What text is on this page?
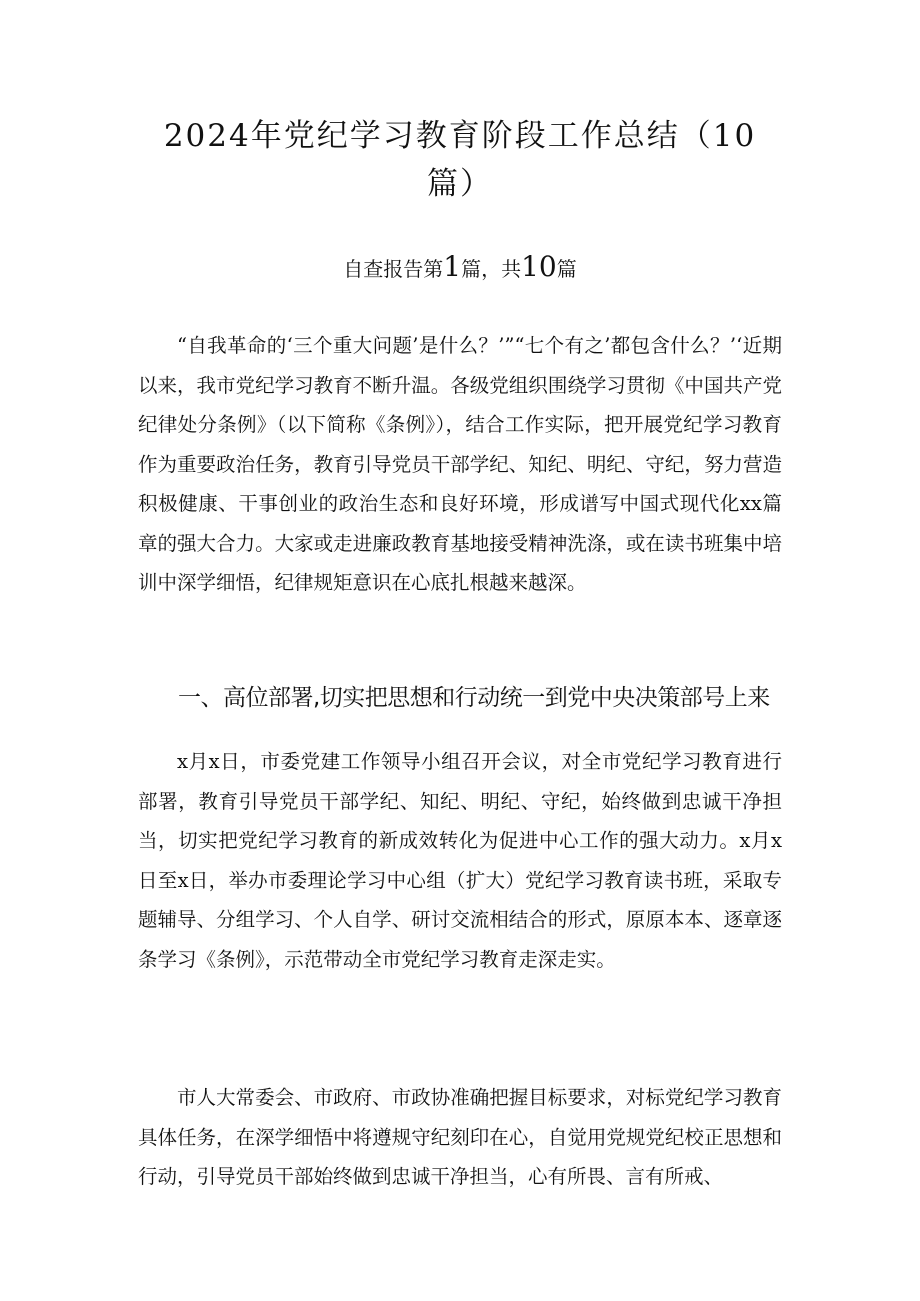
2024年党纪学习教育阶段工作总结（10篇）

自查报告第1篇，共10篇

“自我革命的‘三个重大问题’是什么？’”“七个有之’都包含什么？’‘近期以来，我市党纪学习教育不断升温。各级党组织围绕学习贯彻《中国共产党纪律处分条例》（以下简称《条例》），结合工作实际，把开展党纪学习教育作为重要政治任务，教育引导党员干部学纪、知纪、明纪、守纪，努力营造积极健康、干事创业的政治生态和良好环境，形成谱写中国式现代化xx篇章的强大合力。大家或走进廉政教育基地接受精神洗涤，或在读书班集中培训中深学细悟，纪律规矩意识在心底扎根越来越深。

一、高位部署,切实把思想和行动统一到党中央决策部号上来

x月x日，市委党建工作领导小组召开会议，对全市党纪学习教育进行部署，教育引导党员干部学纪、知纪、明纪、守纪，始终做到忠诚干净担当，切实把党纪学习教育的新成效转化为促进中心工作的强大动力。x月x日至x日，举办市委理论学习中心组（扩大）党纪学习教育读书班，采取专题辅导、分组学习、个人自学、研讨交流相结合的形式，原原本本、逐章逐条学习《条例》，示范带动全市党纪学习教育走深走实。

市人大常委会、市政府、市政协准确把握目标要求，对标党纪学习教育具体任务，在深学细悟中将遵规守纪刻印在心，自觉用党规党纪校正思想和行动，引导党员干部始终做到忠诚干净担当，心有所畏、言有所戒、
